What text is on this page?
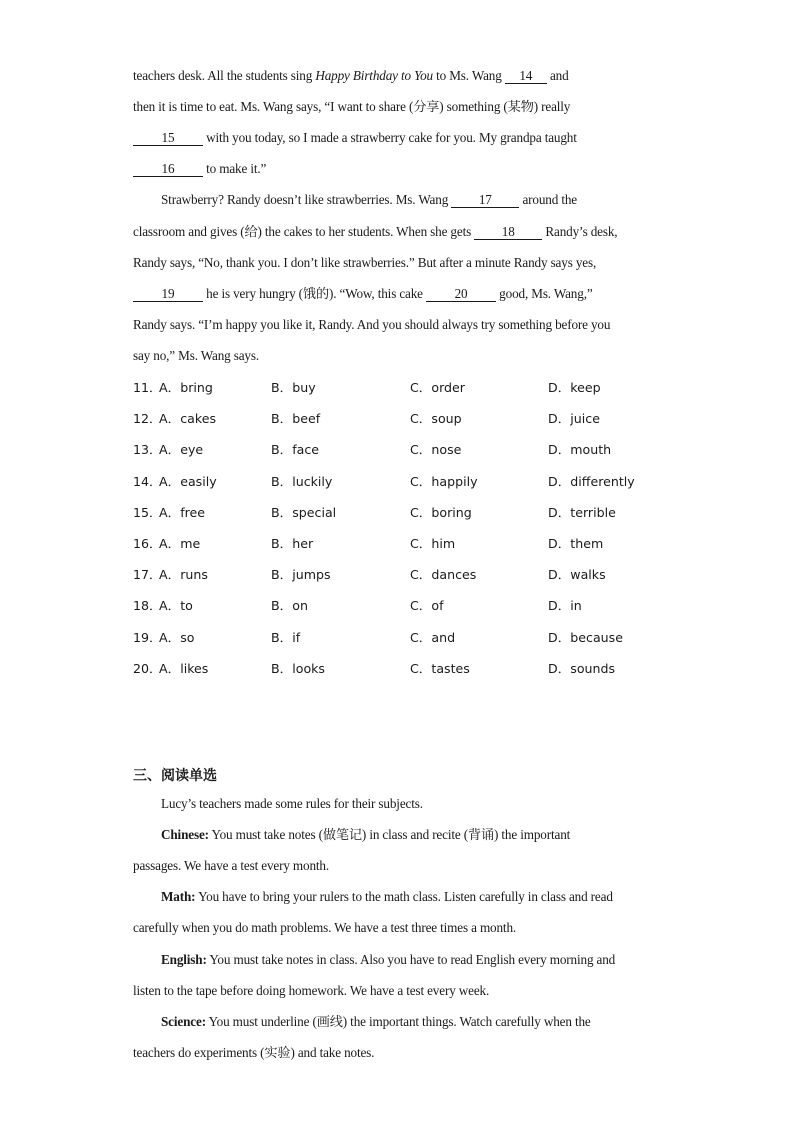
teachers desk. All the students sing Happy Birthday to You to Ms. Wang 14 and
then it is time to eat. Ms. Wang says, “I want to share (分享) something (某物) really
15 with you today, so I made a strawberry cake for you. My grandpa taught
16 to make it.”
Strawberry? Randy doesn’t like strawberries. Ms. Wang 17 around the
classroom and gives (给) the cakes to her students. When she gets 18 Randy’s desk,
Randy says, “No, thank you. I don’t like strawberries.” But after a minute Randy says yes,
19 he is very hungry (饿的). “Wow, this cake 20 good, Ms. Wang,”
Randy says. “I’m happy you like it, Randy. And you should always try something before you
say no,” Ms. Wang says.
11．
A．bring	B．buy	C．order	D．keep
12．
A．cakes	B．beef	C．soup	D．juice
13．
A．eye	B．face	C．nose	D．mouth
14．
A．easily	B．luckily	C．happily	D．differently
15．
A．free	B．special	C．boring	D．terrible
16．
A．me	B．her	C．him	D．them
17．
A．runs	B．jumps	C．dances	D．walks
18．
A．to	B．on	C．of	D．in
19．
A．so	B．if	C．and	D．because
20．
A．likes	B．looks	C．tastes	D．sounds
三、阅读单选
Lucy’s teachers made some rules for their subjects.
Chinese: You must take notes (做笔记) in class and recite (背诵) the important
passages. We have a test every month.
Math: You have to bring your rulers to the math class. Listen carefully in class and read
carefully when you do math problems. We have a test three times a month.
English: You must take notes in class. Also you have to read English every morning and
listen to the tape before doing homework. We have a test every week.
Science: You must underline (画线) the important things. Watch carefully when the
teachers do experiments (实验) and take notes.
